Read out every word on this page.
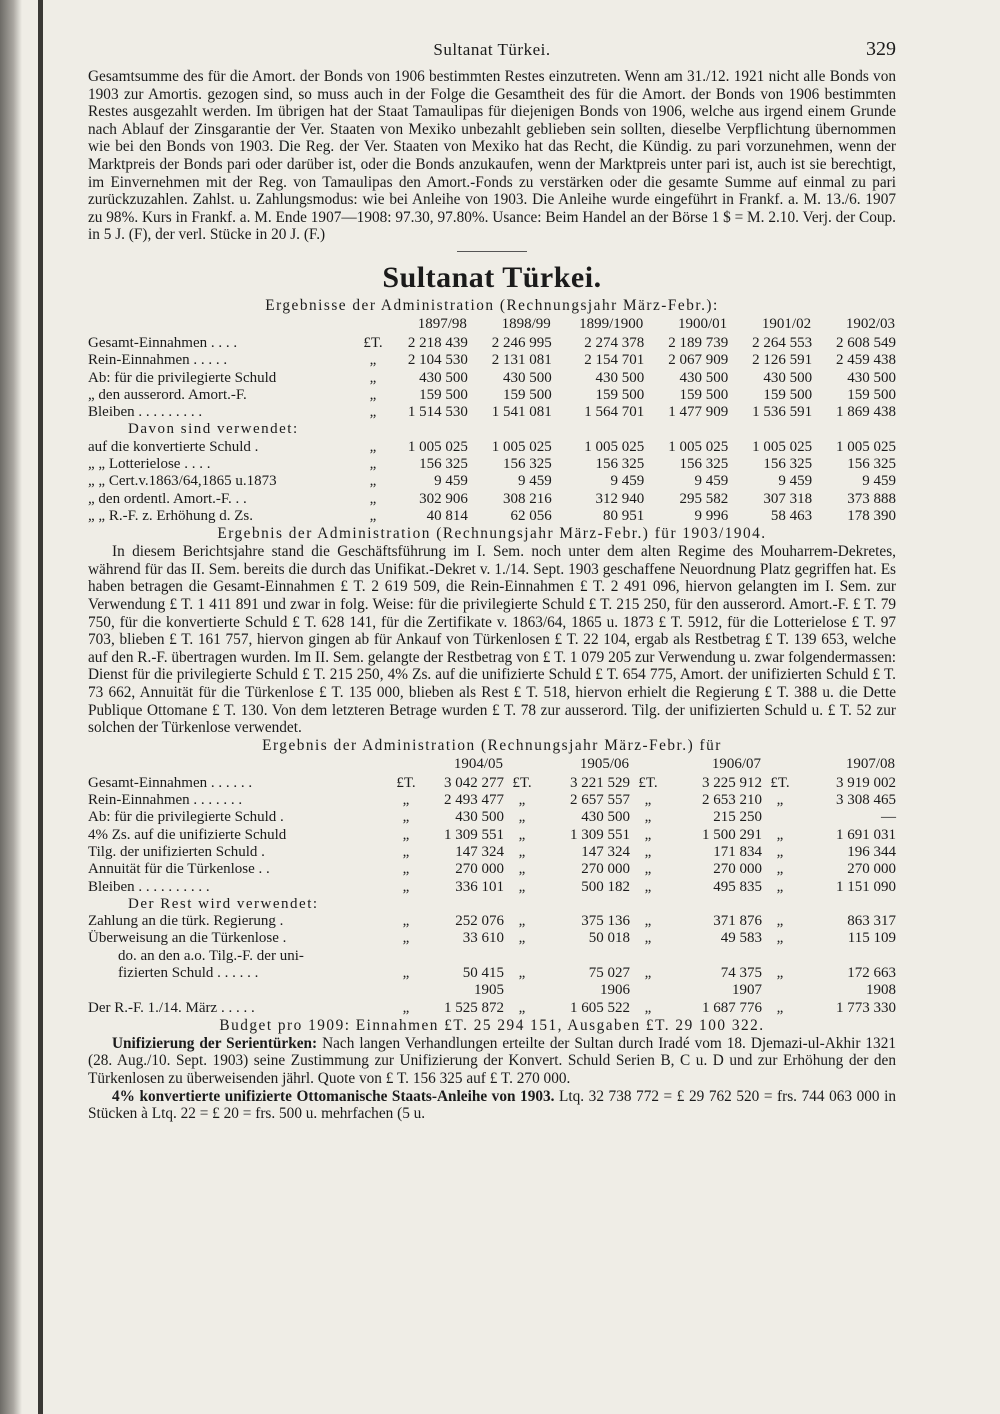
Sultanat Türkei.	329

Gesamtsumme des für die Amort. der Bonds von 1906 bestimmten Restes einzutreten. Wenn am 31./12. 1921 nicht alle Bonds von 1903 zur Amortis. gezogen sind, so muss auch in der Folge die Gesamtheit des für die Amort. der Bonds von 1906 bestimmten Restes ausgezahlt werden. Im übrigen hat der Staat Tamaulipas für diejenigen Bonds von 1906, welche aus irgend einem Grunde nach Ablauf der Zinsgarantie der Ver. Staaten von Mexiko unbezahlt geblieben sein sollten, dieselbe Verpflichtung übernommen wie bei den Bonds von 1903. Die Reg. der Ver. Staaten von Mexiko hat das Recht, die Kündig. zu pari vorzunehmen, wenn der Marktpreis der Bonds pari oder darüber ist, oder die Bonds anzukaufen, wenn der Marktpreis unter pari ist, auch ist sie berechtigt, im Einvernehmen mit der Reg. von Tamaulipas den Amort.-Fonds zu verstärken oder die gesamte Summe auf einmal zu pari zurückzuzahlen. Zahlst. u. Zahlungsmodus: wie bei Anleihe von 1903. Die Anleihe wurde eingeführt in Frankf. a. M. 13./6. 1907 zu 98%. Kurs in Frankf. a. M. Ende 1907—1908: 97.30, 97.80%. Usance: Beim Handel an der Börse 1 $ = M. 2.10. Verj. der Coup. in 5 J. (F), der verl. Stücke in 20 J. (F.)

Sultanat Türkei.
Ergebnisse der Administration (Rechnungsjahr März-Febr.):
		1897/98	1898/99	1899/1900	1900/01	1901/02	1902/03
Gesamt-Einnahmen . . . .	£T.	2 218 439	2 246 995	2 274 378	2 189 739	2 264 553	2 608 549
Rein-Einnahmen . . . . .	„	2 104 530	2 131 081	2 154 701	2 067 909	2 126 591	2 459 438
Ab: für die privilegierte Schuld	„	430 500	430 500	430 500	430 500	430 500	430 500
„ den ausserord. Amort.-F.	„	159 500	159 500	159 500	159 500	159 500	159 500
Bleiben . . . . . . . . .	„	1 514 530	1 541 081	1 564 701	1 477 909	1 536 591	1 869 438
Davon sind verwendet:							
auf die konvertierte Schuld .	„	1 005 025	1 005 025	1 005 025	1 005 025	1 005 025	1 005 025
„ „ Lotterielose . . . .	„	156 325	156 325	156 325	156 325	156 325	156 325
„ „ Cert.v.1863/64,1865 u.1873	„	9 459	9 459	9 459	9 459	9 459	9 459
„ den ordentl. Amort.-F. . .	„	302 906	308 216	312 940	295 582	307 318	373 888
„ „ R.-F. z. Erhöhung d. Zs.	„	40 814	62 056	80 951	9 996	58 463	178 390
Ergebnis der Administration (Rechnungsjahr März-Febr.) für 1903/1904.

In diesem Berichtsjahre stand die Geschäftsführung im I. Sem. noch unter dem alten Regime des Mouharrem-Dekretes, während für das II. Sem. bereits die durch das Unifikat.-Dekret v. 1./14. Sept. 1903 geschaffene Neuordnung Platz gegriffen hat. Es haben betragen die Gesamt-Einnahmen £ T. 2 619 509, die Rein-Einnahmen £ T. 2 491 096, hiervon gelangten im I. Sem. zur Verwendung £ T. 1 411 891 und zwar in folg. Weise: für die privilegierte Schuld £ T. 215 250, für den ausserord. Amort.-F. £ T. 79 750, für die konvertierte Schuld £ T. 628 141, für die Zertifikate v. 1863/64, 1865 u. 1873 £ T. 5912, für die Lotterielose £ T. 97 703, blieben £ T. 161 757, hiervon gingen ab für Ankauf von Türkenlosen £ T. 22 104, ergab als Restbetrag £ T. 139 653, welche auf den R.-F. übertragen wurden. Im II. Sem. gelangte der Restbetrag von £ T. 1 079 205 zur Verwendung u. zwar folgendermassen: Dienst für die privilegierte Schuld £ T. 215 250, 4% Zs. auf die unifizierte Schuld £ T. 654 775, Amort. der unifizierten Schuld £ T. 73 662, Annuität für die Türkenlose £ T. 135 000, blieben als Rest £ T. 518, hiervon erhielt die Regierung £ T. 388 u. die Dette Publique Ottomane £ T. 130. Von dem letzteren Betrage wurden £ T. 78 zur ausserord. Tilg. der unifizierten Schuld u. £ T. 52 zur solchen der Türkenlose verwendet.

Ergebnis der Administration (Rechnungsjahr März-Febr.) für
	1904/05		1905/06		1906/07		1907/08	
Gesamt-Einnahmen . . . . . .	£T.	3 042 277	£T.	3 221 529	£T.	3 225 912	£T.	3 919 002
Rein-Einnahmen . . . . . . .	„	2 493 477	„	2 657 557	„	2 653 210	„	3 308 465
Ab: für die privilegierte Schuld .	„	430 500	„	430 500	„	215 250		—
4% Zs. auf die unifizierte Schuld	„	1 309 551	„	1 309 551	„	1 500 291	„	1 691 031
Tilg. der unifizierten Schuld .	„	147 324	„	147 324	„	171 834	„	196 344
Annuität für die Türkenlose . .	„	270 000	„	270 000	„	270 000	„	270 000
Bleiben . . . . . . . . . .	„	336 101	„	500 182	„	495 835	„	1 151 090
Der Rest wird verwendet:								
Zahlung an die türk. Regierung .	„	252 076	„	375 136	„	371 876	„	863 317
Überweisung an die Türkenlose .	„	33 610	„	50 018	„	49 583	„	115 109
do. an den a.o. Tilg.-F. der uni-								
fizierten Schuld . . . . . .	„	50 415	„	75 027	„	74 375	„	172 663
	1905		1906		1907		1908	
Der R.-F. 1./14. März . . . . .	„	1 525 872	„	1 605 522	„	1 687 776	„	1 773 330
Budget pro 1909: Einnahmen £T. 25 294 151, Ausgaben £T. 29 100 322.

Unifizierung der Serientürken: Nach langen Verhandlungen erteilte der Sultan durch Iradé vom 18. Djemazi-ul-Akhir 1321 (28. Aug./10. Sept. 1903) seine Zustimmung zur Unifizierung der Konvert. Schuld Serien B, C u. D und zur Erhöhung der den Türkenlosen zu überweisenden jährl. Quote von £ T. 156 325 auf £ T. 270 000.

4% konvertierte unifizierte Ottomanische Staats-Anleihe von 1903. Ltq. 32 738 772 = £ 29 762 520 = frs. 744 063 000 in Stücken à Ltq. 22 = £ 20 = frs. 500 u. mehrfachen (5 u.
